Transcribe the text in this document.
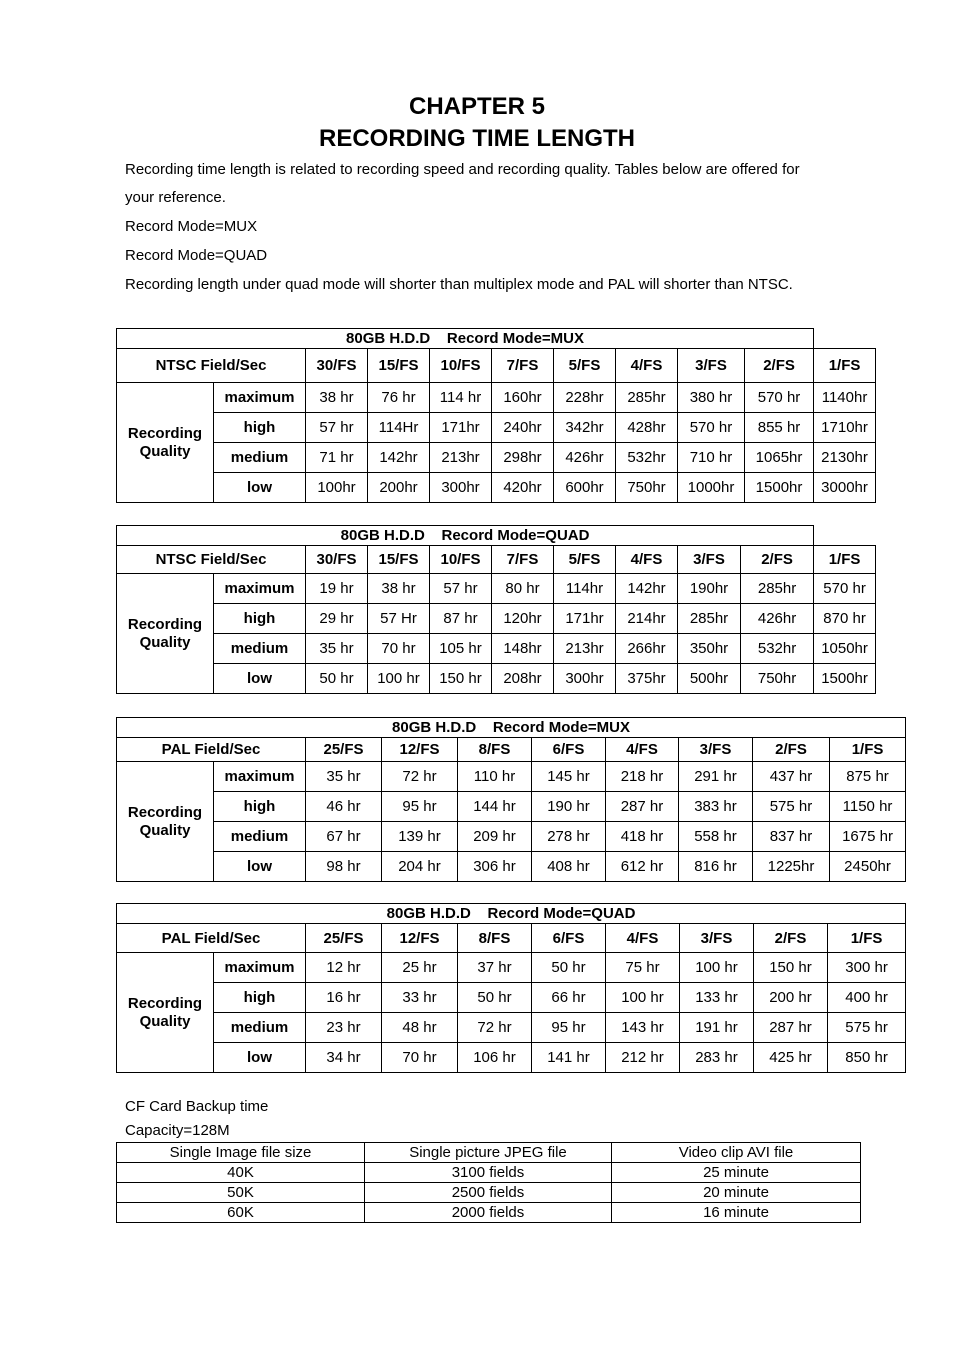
CHAPTER 5
RECORDING TIME LENGTH
Recording time length is related to recording speed and recording quality. Tables below are offered for
your reference.
Record Mode=MUX
Record Mode=QUAD
Recording length under quad mode will shorter than multiplex mode and PAL will shorter than NTSC.
80GB H.D.D    Record Mode=MUX										
NTSC Field/Sec		30/FS	15/FS	10/FS	7/FS	5/FS	4/FS	3/FS	2/FS	1/FS
Recording Quality	maximum	38 hr	76 hr	114 hr	160hr	228hr	285hr	380 hr	570 hr	1140hr
	high	57 hr	114Hr	171hr	240hr	342hr	428hr	570 hr	855 hr	1710hr
	medium	71 hr	142hr	213hr	298hr	426hr	532hr	710 hr	1065hr	2130hr
	low	100hr	200hr	300hr	420hr	600hr	750hr	1000hr	1500hr	3000hr
80GB H.D.D    Record Mode=QUAD										
NTSC Field/Sec		30/FS	15/FS	10/FS	7/FS	5/FS	4/FS	3/FS	2/FS	1/FS
Recording Quality	maximum	19 hr	38 hr	57 hr	80 hr	114hr	142hr	190hr	285hr	570 hr
	high	29 hr	57 Hr	87 hr	120hr	171hr	214hr	285hr	426hr	870 hr
	medium	35 hr	70 hr	105 hr	148hr	213hr	266hr	350hr	532hr	1050hr
	low	50 hr	100 hr	150 hr	208hr	300hr	375hr	500hr	750hr	1500hr
80GB H.D.D    Record Mode=MUX									
PAL Field/Sec		25/FS	12/FS	8/FS	6/FS	4/FS	3/FS	2/FS	1/FS
Recording Quality	maximum	35 hr	72 hr	110 hr	145 hr	218 hr	291 hr	437 hr	875 hr
	high	46 hr	95 hr	144 hr	190 hr	287 hr	383 hr	575 hr	1150 hr
	medium	67 hr	139 hr	209 hr	278 hr	418 hr	558 hr	837 hr	1675 hr
	low	98 hr	204 hr	306 hr	408 hr	612 hr	816 hr	1225hr	2450hr
80GB H.D.D    Record Mode=QUAD									
PAL Field/Sec		25/FS	12/FS	8/FS	6/FS	4/FS	3/FS	2/FS	1/FS
Recording Quality	maximum	12 hr	25 hr	37 hr	50 hr	75 hr	100 hr	150 hr	300 hr
	high	16 hr	33 hr	50 hr	66 hr	100 hr	133 hr	200 hr	400 hr
	medium	23 hr	48 hr	72 hr	95 hr	143 hr	191 hr	287 hr	575 hr
	low	34 hr	70 hr	106 hr	141 hr	212 hr	283 hr	425 hr	850 hr
CF Card Backup time
Capacity=128M
Single Image file size	Single picture JPEG file	Video clip AVI file
40K	3100 fields	25 minute
50K	2500 fields	20 minute
60K	2000 fields	16 minute
